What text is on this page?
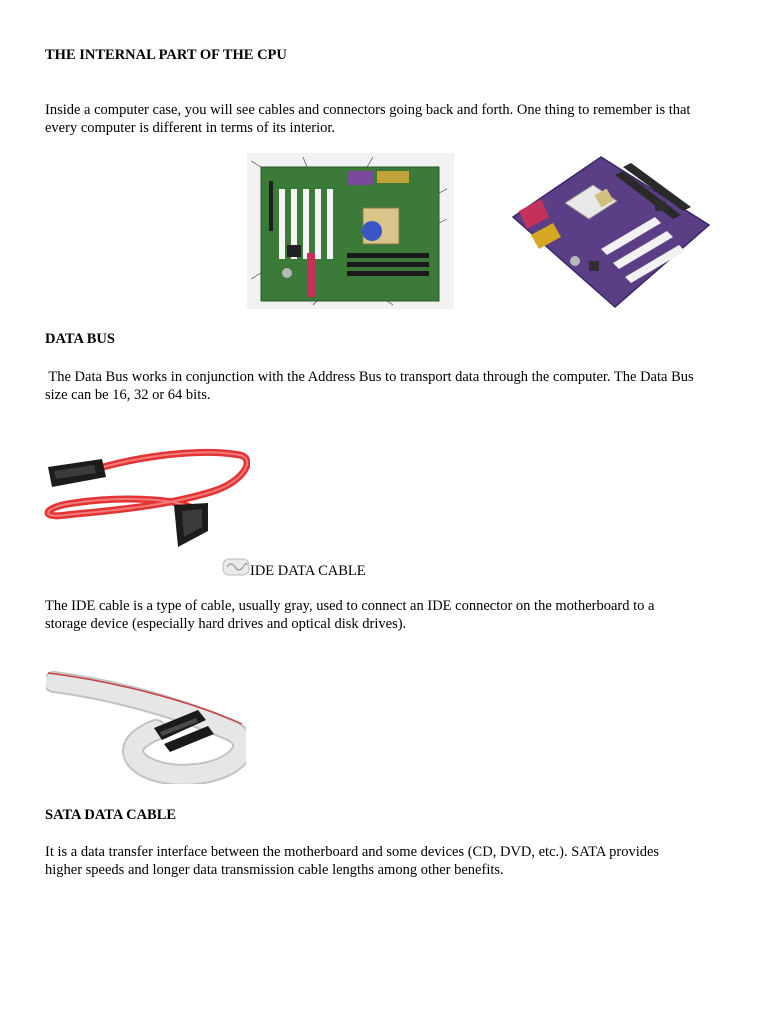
THE INTERNAL PART OF THE CPU

Inside a computer case, you will see cables and connectors going back and forth. One thing to remember is that
every computer is different in terms of its interior.

DATA BUS

The Data Bus works in conjunction with the Address Bus to transport data through the computer. The Data Bus
size can be 16, 32 or 64 bits.

IDE DATA CABLE

The IDE cable is a type of cable, usually gray, used to connect an IDE connector on the motherboard to a
storage device (especially hard drives and optical disk drives).

SATA DATA CABLE

It is a data transfer interface between the motherboard and some devices (CD, DVD, etc.). SATA provides
higher speeds and longer data transmission cable lengths among other benefits.
